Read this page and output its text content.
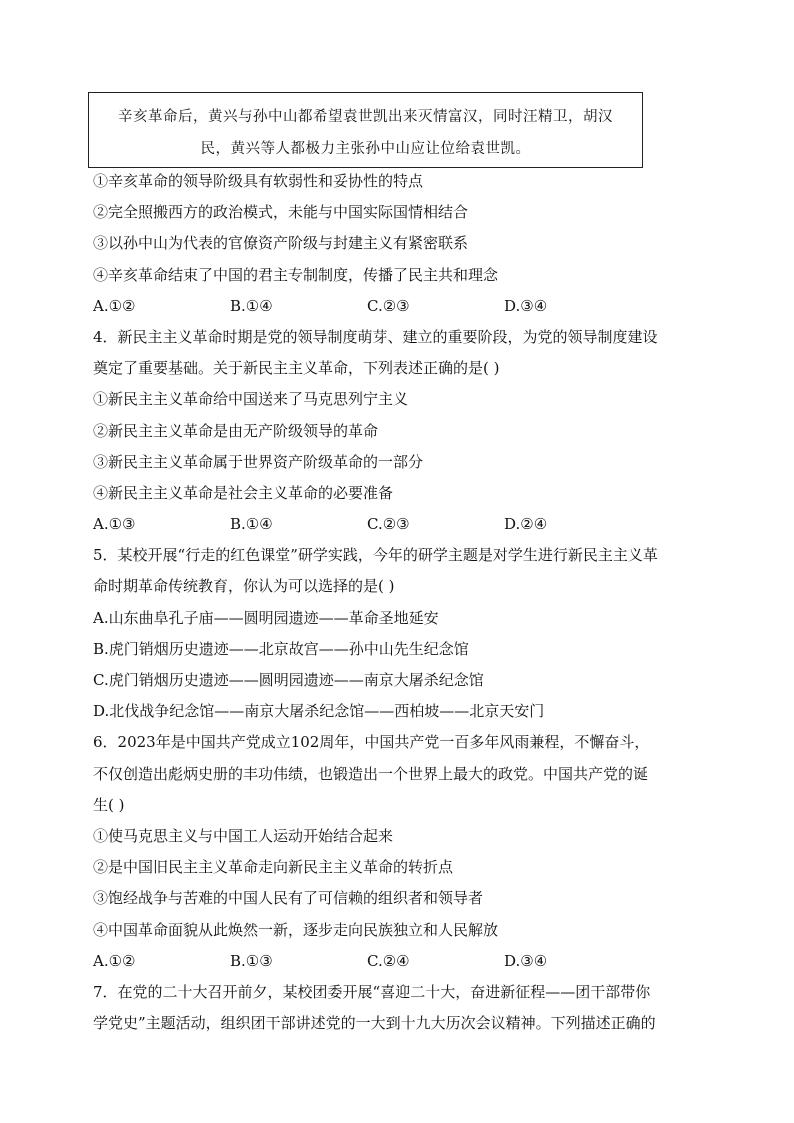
辛亥革命后，黄兴与孙中山都希望袁世凯出来灭情富汉，同时汪精卫，胡汉
民，黄兴等人都极力主张孙中山应让位给袁世凯。
①辛亥革命的领导阶级具有软弱性和妥协性的特点
②完全照搬西方的政治模式，未能与中国实际国情相结合
③以孙中山为代表的官僚资产阶级与封建主义有紧密联系
④辛亥革命结束了中国的君主专制制度，传播了民主共和理念
A.①②	B.①④	C.②③	D.③④
4．新民主主义革命时期是党的领导制度萌芽、建立的重要阶段，为党的领导制度建设
奠定了重要基础。关于新民主主义革命，下列表述正确的是( )
①新民主主义革命给中国送来了马克思列宁主义
②新民主主义革命是由无产阶级领导的革命
③新民主主义革命属于世界资产阶级革命的一部分
④新民主主义革命是社会主义革命的必要准备
A.①③	B.①④	C.②③	D.②④
5．某校开展“行走的红色课堂”研学实践，今年的研学主题是对学生进行新民主主义革
命时期革命传统教育，你认为可以选择的是( )
A.山东曲阜孔子庙——圆明园遗迹——革命圣地延安
B.虎门销烟历史遗迹——北京故宫——孙中山先生纪念馆
C.虎门销烟历史遗迹——圆明园遗迹——南京大屠杀纪念馆
D.北伐战争纪念馆——南京大屠杀纪念馆——西柏坡——北京天安门
6．2023年是中国共产党成立102周年，中国共产党一百多年风雨兼程，不懈奋斗，
不仅创造出彪炳史册的丰功伟绩，也锻造出一个世界上最大的政党。中国共产党的诞
生( )
①使马克思主义与中国工人运动开始结合起来
②是中国旧民主主义革命走向新民主主义革命的转折点
③饱经战争与苦难的中国人民有了可信赖的组织者和领导者
④中国革命面貌从此焕然一新，逐步走向民族独立和人民解放
A.①②	B.①③	C.②④	D.③④
7．在党的二十大召开前夕，某校团委开展“喜迎二十大，奋进新征程——团干部带你
学党史”主题活动，组织团干部讲述党的一大到十九大历次会议精神。下列描述正确的
